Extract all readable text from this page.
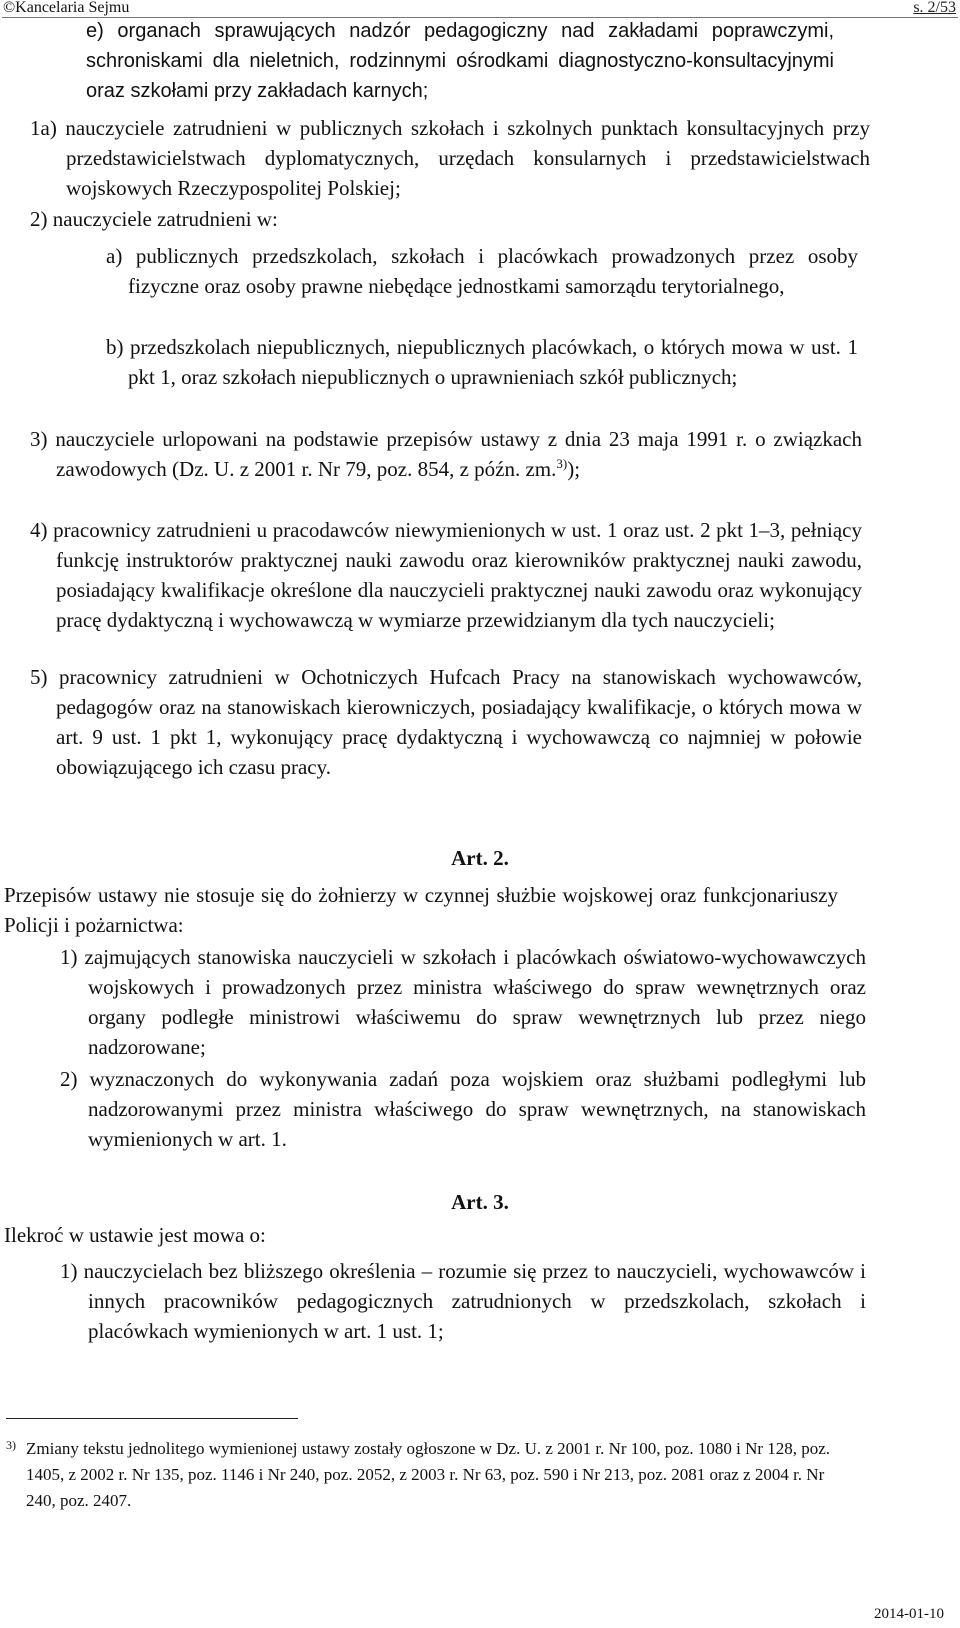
©Kancelaria Sejmu	s. 2/53

e) organach sprawujących nadzór pedagogiczny nad zakładami poprawczymi, schroniskami dla nieletnich, rodzinnymi ośrodkami diagnostyczno-konsultacyjnymi oraz szkołami przy zakładach karnych;

1a) nauczyciele zatrudnieni w publicznych szkołach i szkolnych punktach konsultacyjnych przy przedstawicielstwach dyplomatycznych, urzędach konsularnych i przedstawicielstwach wojskowych Rzeczypospolitej Polskiej;

2) nauczyciele zatrudnieni w:

a) publicznych przedszkolach, szkołach i placówkach prowadzonych przez osoby fizyczne oraz osoby prawne niebędące jednostkami samorządu terytorialnego,

b) przedszkolach niepublicznych, niepublicznych placówkach, o których mowa w ust. 1 pkt 1, oraz szkołach niepublicznych o uprawnieniach szkół publicznych;

3) nauczyciele urlopowani na podstawie przepisów ustawy z dnia 23 maja 1991 r. o związkach zawodowych (Dz. U. z 2001 r. Nr 79, poz. 854, z późn. zm.$^{3)}$);

4) pracownicy zatrudnieni u pracodawców niewymienionych w ust. 1 oraz ust. 2 pkt 1–3, pełniący funkcję instruktorów praktycznej nauki zawodu oraz kierowników praktycznej nauki zawodu, posiadający kwalifikacje określone dla nauczycieli praktycznej nauki zawodu oraz wykonujący pracę dydaktyczną i wychowawczą w wymiarze przewidzianym dla tych nauczycieli;

5) pracownicy zatrudnieni w Ochotniczych Hufcach Pracy na stanowiskach wychowawców, pedagogów oraz na stanowiskach kierowniczych, posiadający kwalifikacje, o których mowa w art. 9 ust. 1 pkt 1, wykonujący pracę dydaktyczną i wychowawczą co najmniej w połowie obowiązującego ich czasu pracy.

Art. 2.

Przepisów ustawy nie stosuje się do żołnierzy w czynnej służbie wojskowej oraz funkcjonariuszy Policji i pożarnictwa:

1) zajmujących stanowiska nauczycieli w szkołach i placówkach oświatowo-wychowawczych wojskowych i prowadzonych przez ministra właściwego do spraw wewnętrznych oraz organy podległe ministrowi właściwemu do spraw wewnętrznych lub przez niego nadzorowane;

2) wyznaczonych do wykonywania zadań poza wojskiem oraz służbami podległymi lub nadzorowanymi przez ministra właściwego do spraw wewnętrznych, na stanowiskach wymienionych w art. 1.

Art. 3.

Ilekroć w ustawie jest mowa o:

1) nauczycielach bez bliższego określenia – rozumie się przez to nauczycieli, wychowawców i innych pracowników pedagogicznych zatrudnionych w przedszkolach, szkołach i placówkach wymienionych w art. 1 ust. 1;

3) Zmiany tekstu jednolitego wymienionej ustawy zostały ogłoszone w Dz. U. z 2001 r. Nr 100, poz. 1080 i Nr 128, poz. 1405, z 2002 r. Nr 135, poz. 1146 i Nr 240, poz. 2052, z 2003 r. Nr 63, poz. 590 i Nr 213, poz. 2081 oraz z 2004 r. Nr 240, poz. 2407.
2014-01-10
